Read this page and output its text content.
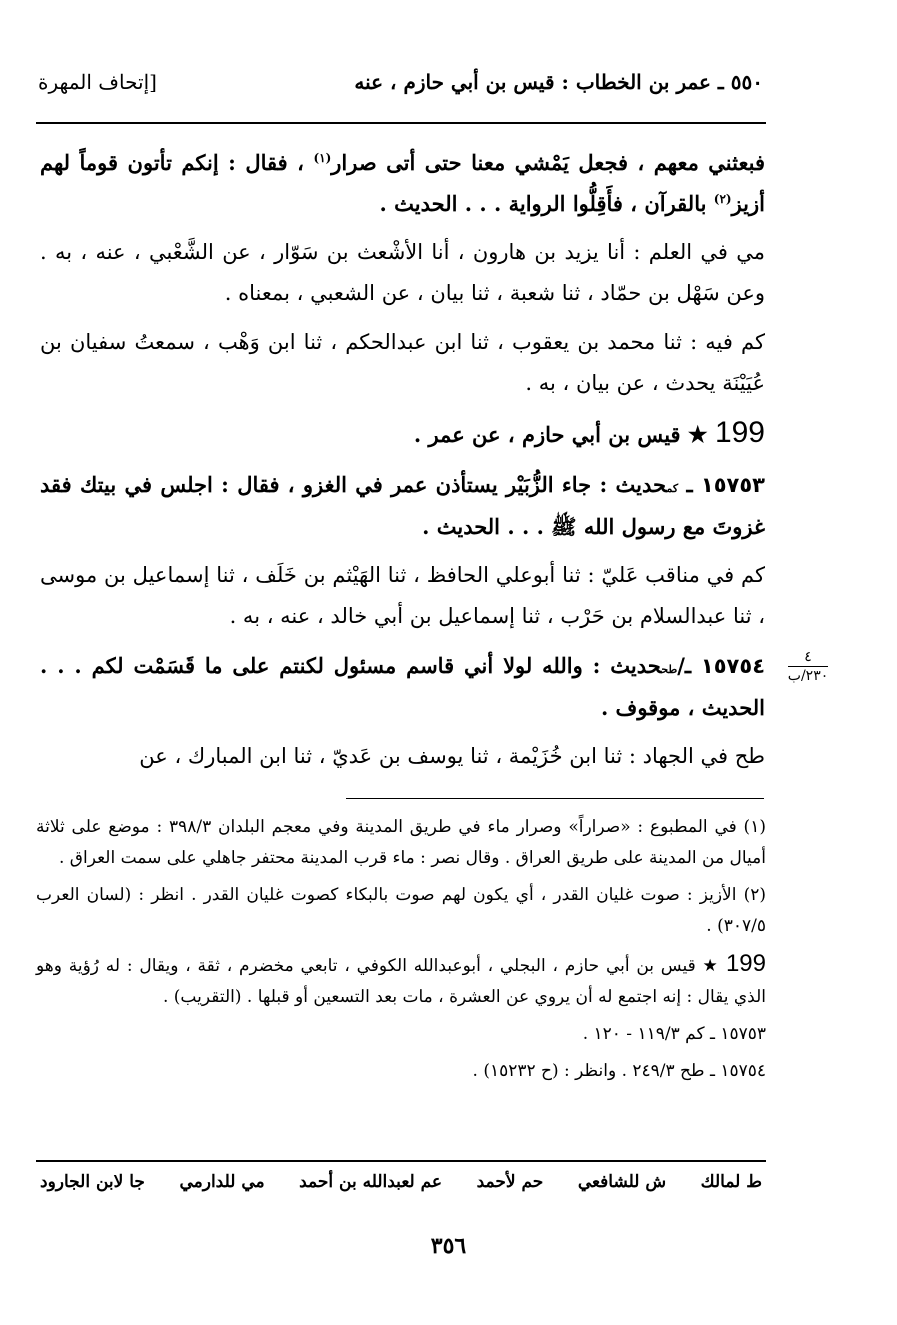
٥٥٠ ـ عمر بن الخطاب : قيس بن أبي حازم ، عنه
[إتحاف المهرة

فبعثني معهم ، فجعل يَمْشي معنا حتى أتى صرار$^{(١)}$ ، فقال : إنكم تأتون قوماً لهم أزيز$^{(٢)}$ بالقرآن ، فأَقِلُّوا الرواية . . . الحديث .

مي في العلم : أنا يزيد بن هارون ، أنا الأشْعث بن سَوّار ، عن الشَّعْبي ، عنه ، به . وعن سَهْل بن حمّاد ، ثنا شعبة ، ثنا بيان ، عن الشعبي ، بمعناه .

كم فيه : ثنا محمد بن يعقوب ، ثنا ابن عبدالحكم ، ثنا ابن وَهْب ، سمعتُ سفيان بن عُيَيْنَة يحدث ، عن بيان ، به .

199 ★ قيس بن أبي حازم ، عن عمر .

١٥٧٥٣ ـ كمحديث : جاء الزُّبَيْر يستأذن عمر في الغزو ، فقال : اجلس في بيتك فقد غزوتَ مع رسول الله ﷺ . . . الحديث .

كم في مناقب عَليّ : ثنا أبوعلي الحافظ ، ثنا الهَيْثم بن خَلَف ، ثنا إسماعيل بن موسى ، ثنا عبدالسلام بن حَرْب ، ثنا إسماعيل بن أبي خالد ، عنه ، به .

١٥٧٥٤ ـ/طححديث : والله لولا أني قاسم مسئول لكنتم على ما قَسَمْت لكم . . . الحديث ، موقوف .

طح في الجهاد : ثنا ابن خُزَيْمة ، ثنا يوسف بن عَديّ ، ثنا ابن المبارك ، عن

٤
٢٣٠/ب

(١) في المطبوع : «صراراً» وصرار ماء في طريق المدينة وفي معجم البلدان ٣٩٨/٣ : موضع على ثلاثة أميال من المدينة على طريق العراق . وقال نصر : ماء قرب المدينة محتفر جاهلي على سمت العراق .

(٢) الأزيز : صوت غليان القدر ، أي يكون لهم صوت بالبكاء كصوت غليان القدر . انظر : (لسان العرب ٣٠٧/٥) .

199 ★ قيس بن أبي حازم ، البجلي ، أبوعبدالله الكوفي ، تابعي مخضرم ، ثقة ، ويقال : له رُؤية وهو الذي يقال : إنه اجتمع له أن يروي عن العشرة ، مات بعد التسعين أو قبلها . (التقريب) .

١٥٧٥٣ ـ كم ١١٩/٣ - ١٢٠ .

١٥٧٥٤ ـ طح ٢٤٩/٣ . وانظر : (ح ١٥٢٣٢) .

ط لمالك
ش للشافعي
حم لأحمد
عم لعبدالله بن أحمد
مي للدارمي
جا لابن الجارود
٣٥٦
